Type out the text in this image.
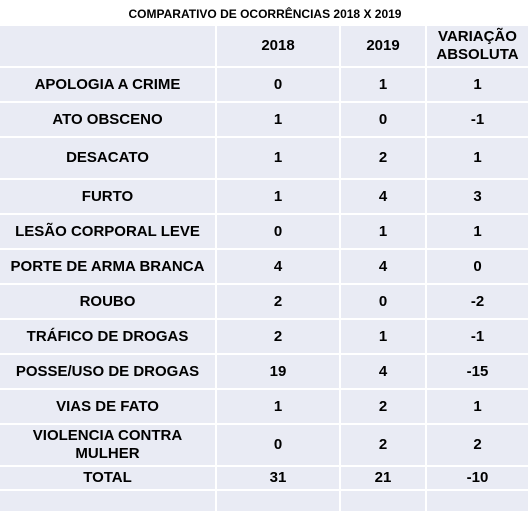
COMPARATIVO DE OCORRÊNCIAS 2018 X 2019
	2018	2019	VARIAÇÃO ABSOLUTA
APOLOGIA A CRIME	0	1	1
ATO OBSCENO	1	0	-1
DESACATO	1	2	1
FURTO	1	4	3
LESÃO CORPORAL LEVE	0	1	1
PORTE DE ARMA BRANCA	4	4	0
ROUBO	2	0	-2
TRÁFICO DE DROGAS	2	1	-1
POSSE/USO DE DROGAS	19	4	-15
VIAS DE FATO	1	2	1
VIOLENCIA CONTRA MULHER	0	2	2
TOTAL	31	21	-10
